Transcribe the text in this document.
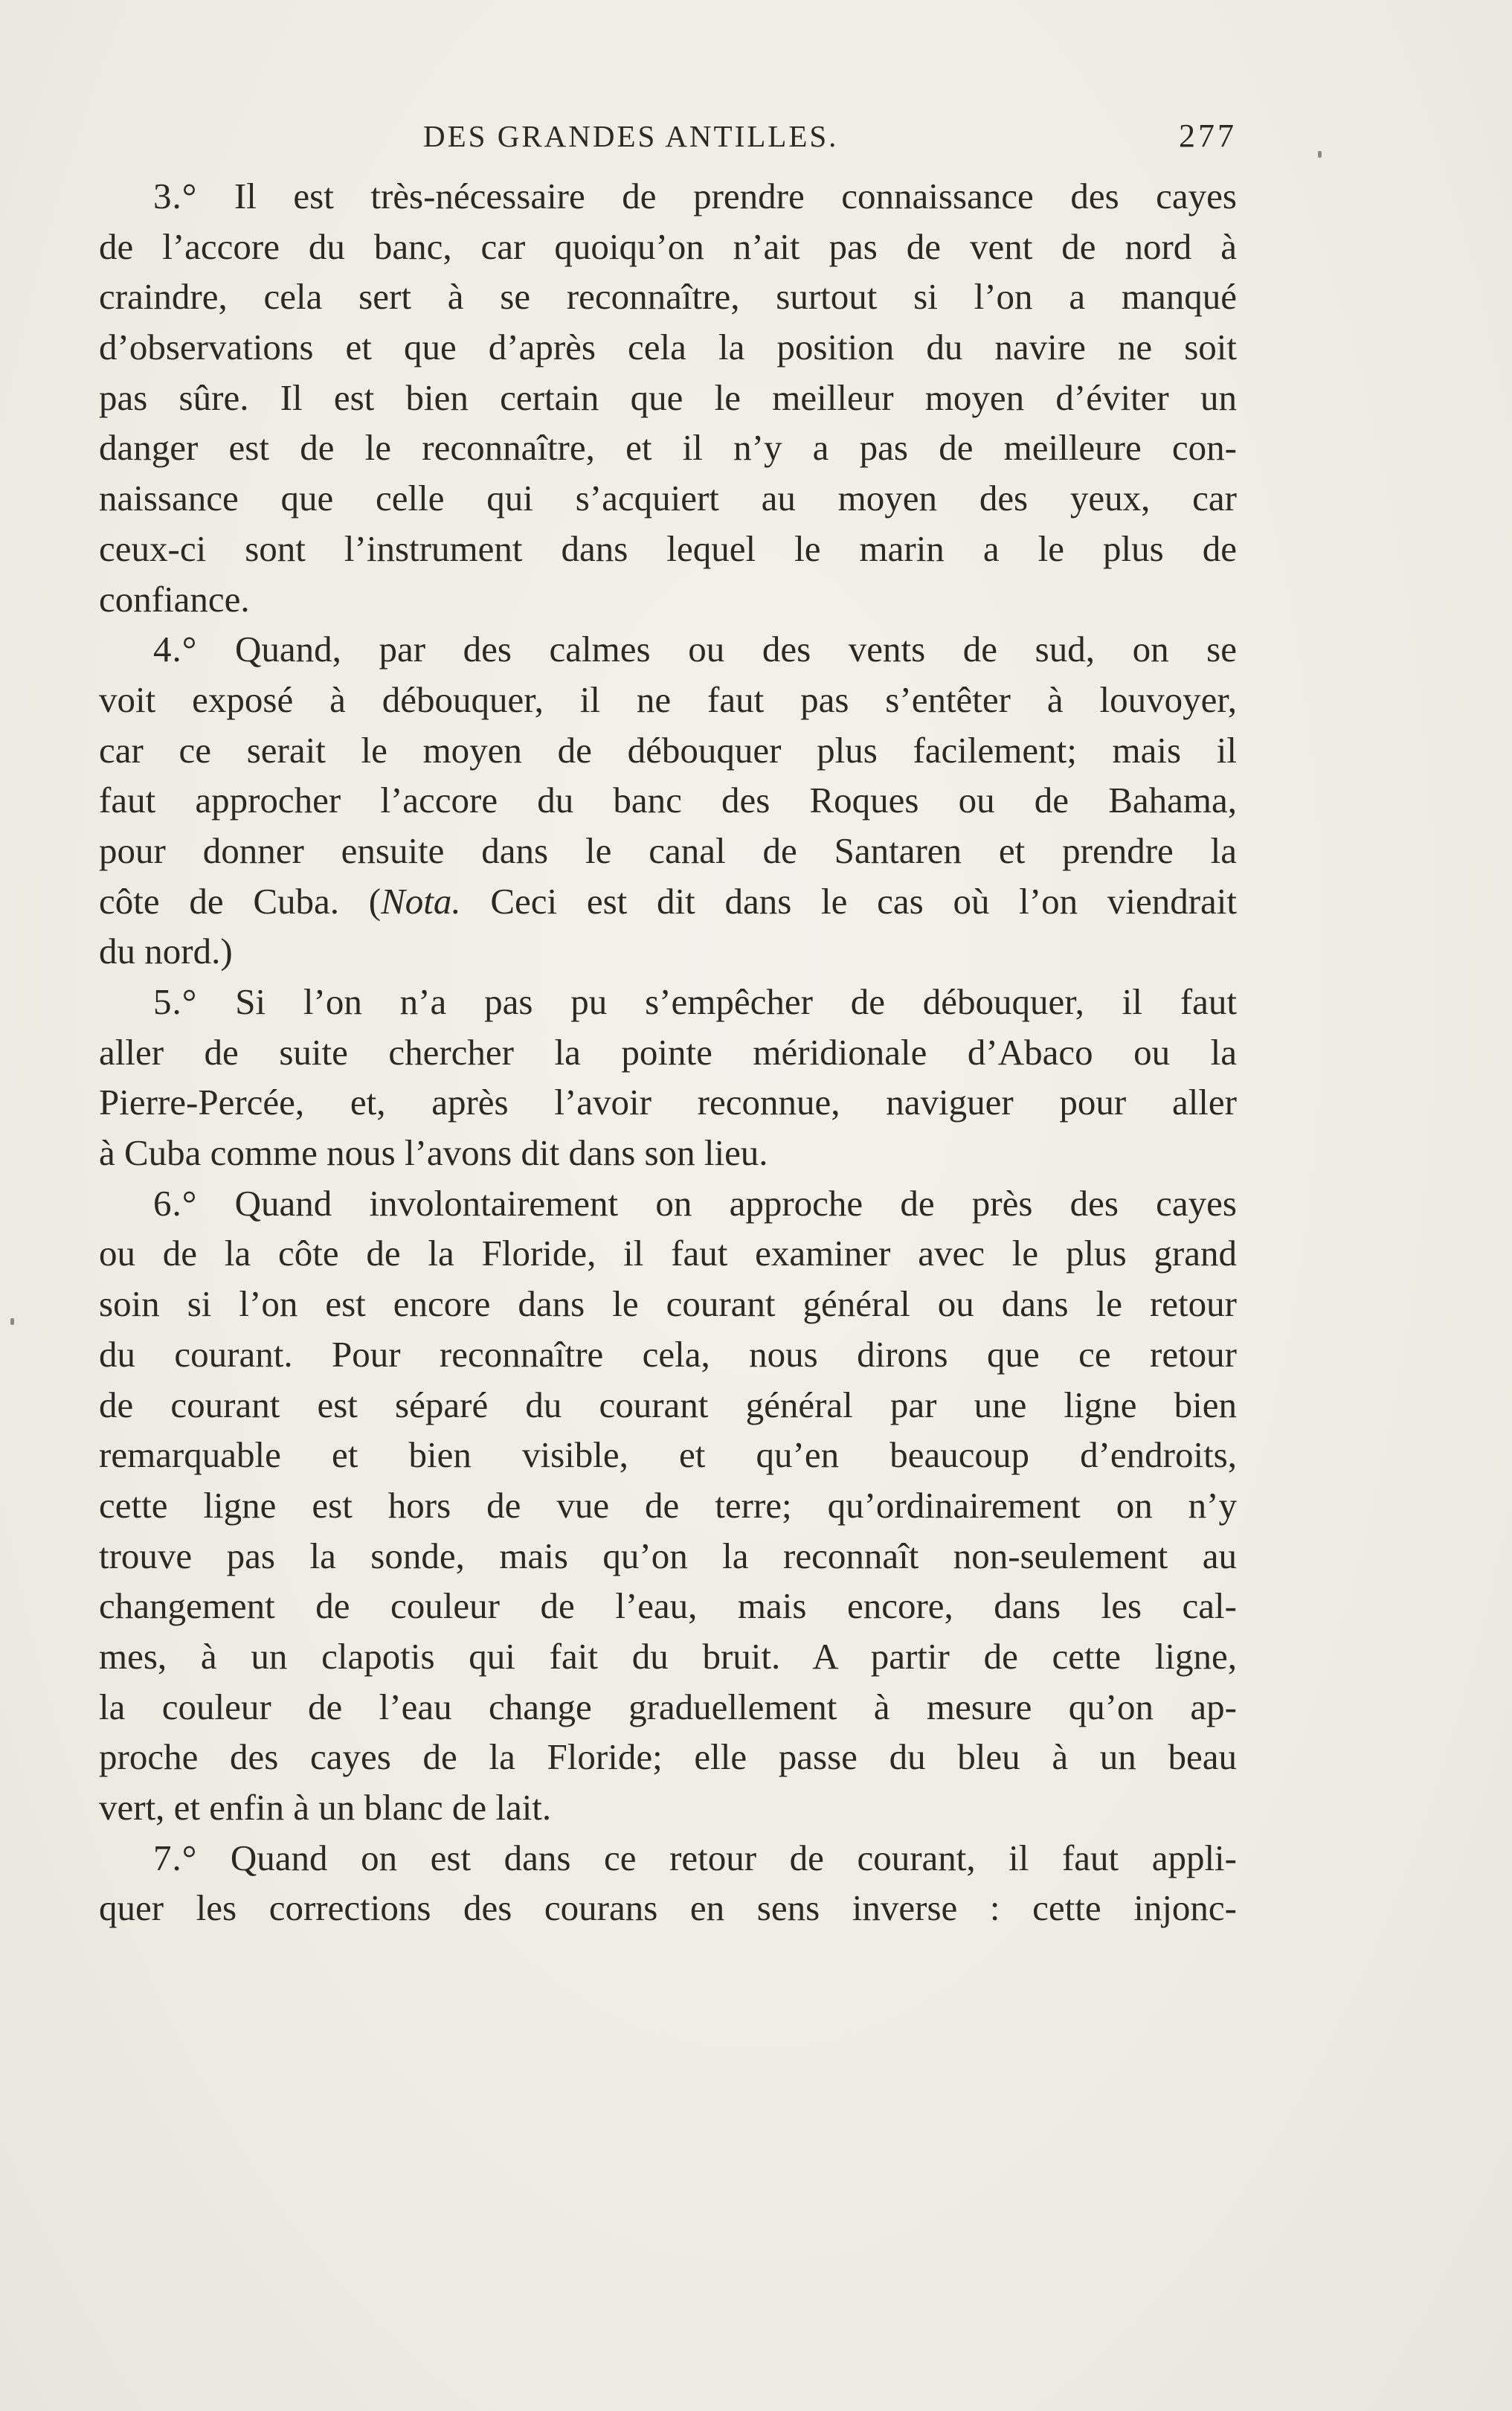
DES GRANDES ANTILLES.	277
3.° Il est très-nécessaire de prendre connaissance des cayes
de l’accore du banc, car quoiqu’on n’ait pas de vent de nord à
craindre, cela sert à se reconnaître, surtout si l’on a manqué
d’observations et que d’après cela la position du navire ne soit
pas sûre. Il est bien certain que le meilleur moyen d’éviter un
danger est de le reconnaître, et il n’y a pas de meilleure con-
naissance que celle qui s’acquiert au moyen des yeux, car
ceux-ci sont l’instrument dans lequel le marin a le plus de
confiance.
4.° Quand, par des calmes ou des vents de sud, on se
voit exposé à débouquer, il ne faut pas s’entêter à louvoyer,
car ce serait le moyen de débouquer plus facilement; mais il
faut approcher l’accore du banc des Roques ou de Bahama,
pour donner ensuite dans le canal de Santaren et prendre la
côte de Cuba. (Nota. Ceci est dit dans le cas où l’on viendrait
du nord.)
5.° Si l’on n’a pas pu s’empêcher de débouquer, il faut
aller de suite chercher la pointe méridionale d’Abaco ou la
Pierre-Percée, et, après l’avoir reconnue, naviguer pour aller
à Cuba comme nous l’avons dit dans son lieu.
6.° Quand involontairement on approche de près des cayes
ou de la côte de la Floride, il faut examiner avec le plus grand
soin si l’on est encore dans le courant général ou dans le retour
du courant. Pour reconnaître cela, nous dirons que ce retour
de courant est séparé du courant général par une ligne bien
remarquable et bien visible, et qu’en beaucoup d’endroits,
cette ligne est hors de vue de terre; qu’ordinairement on n’y
trouve pas la sonde, mais qu’on la reconnaît non-seulement au
changement de couleur de l’eau, mais encore, dans les cal-
mes, à un clapotis qui fait du bruit. A partir de cette ligne,
la couleur de l’eau change graduellement à mesure qu’on ap-
proche des cayes de la Floride; elle passe du bleu à un beau
vert, et enfin à un blanc de lait.
7.° Quand on est dans ce retour de courant, il faut appli-
quer les corrections des courans en sens inverse : cette injonc-
